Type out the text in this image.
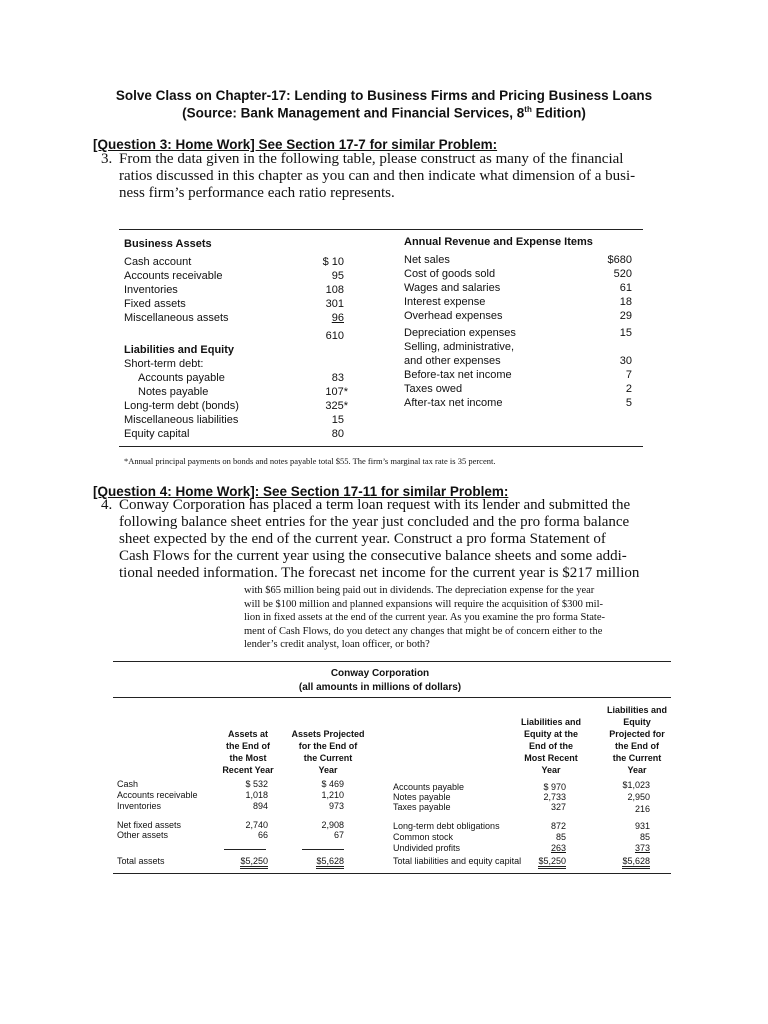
Solve Class on Chapter-17: Lending to Business Firms and Pricing Business Loans
(Source: Bank Management and Financial Services, 8th Edition)
[Question 3: Home Work] See Section 17-7 for similar Problem:
3. From the data given in the following table, please construct as many of the financial
ratios discussed in this chapter as you can and then indicate what dimension of a busi-
ness firm’s performance each ratio represents.
Business Assets	Annual Revenue and Expense Items
Cash account	$ 10
Accounts receivable	95
Inventories	108
Fixed assets	301
Miscellaneous assets	96
610
Liabilities and Equity
Short-term debt:
Accounts payable	83
Notes payable	107*
Long-term debt (bonds)	325*
Miscellaneous liabilities	15
Equity capital	80
Net sales	$680
Cost of goods sold	520
Wages and salaries	61
Interest expense	18
Overhead expenses	29
Depreciation expenses	15
Selling, administrative,
and other expenses	30
Before-tax net income	7
Taxes owed	2
After-tax net income	5
*Annual principal payments on bonds and notes payable total $55. The firm’s marginal tax rate is 35 percent.
[Question 4: Home Work]: See Section 17-11 for similar Problem:
4. Conway Corporation has placed a term loan request with its lender and submitted the
following balance sheet entries for the year just concluded and the pro forma balance
sheet expected by the end of the current year. Construct a pro forma Statement of
Cash Flows for the current year using the consecutive balance sheets and some addi-
tional needed information. The forecast net income for the current year is $217 million
with $65 million being paid out in dividends. The depreciation expense for the year
will be $100 million and planned expansions will require the acquisition of $300 mil-
lion in fixed assets at the end of the current year. As you examine the pro forma State-
ment of Cash Flows, do you detect any changes that might be of concern either to the
lender’s credit analyst, loan officer, or both?
Conway Corporation
(all amounts in millions of dollars)
Assets at
the End of
the Most
Recent Year
Assets Projected
for the End of
the Current
Year
Liabilities and
Equity at the
End of the
Most Recent
Year
Liabilities and
Equity
Projected for
the End of
the Current
Year
Cash	$ 532	$ 469
Accounts receivable	1,018	1,210
Inventories	894	973
Net fixed assets	2,740	2,908
Other assets	66	67
Total assets	$5,250	$5,628
Accounts payable	$ 970	$1,023
Notes payable	2,733	2,950
Taxes payable	327	216
Long-term debt obligations	872	931
Common stock	85	85
Undivided profits	263	373
Total liabilities and equity capital	$5,250	$5,628
